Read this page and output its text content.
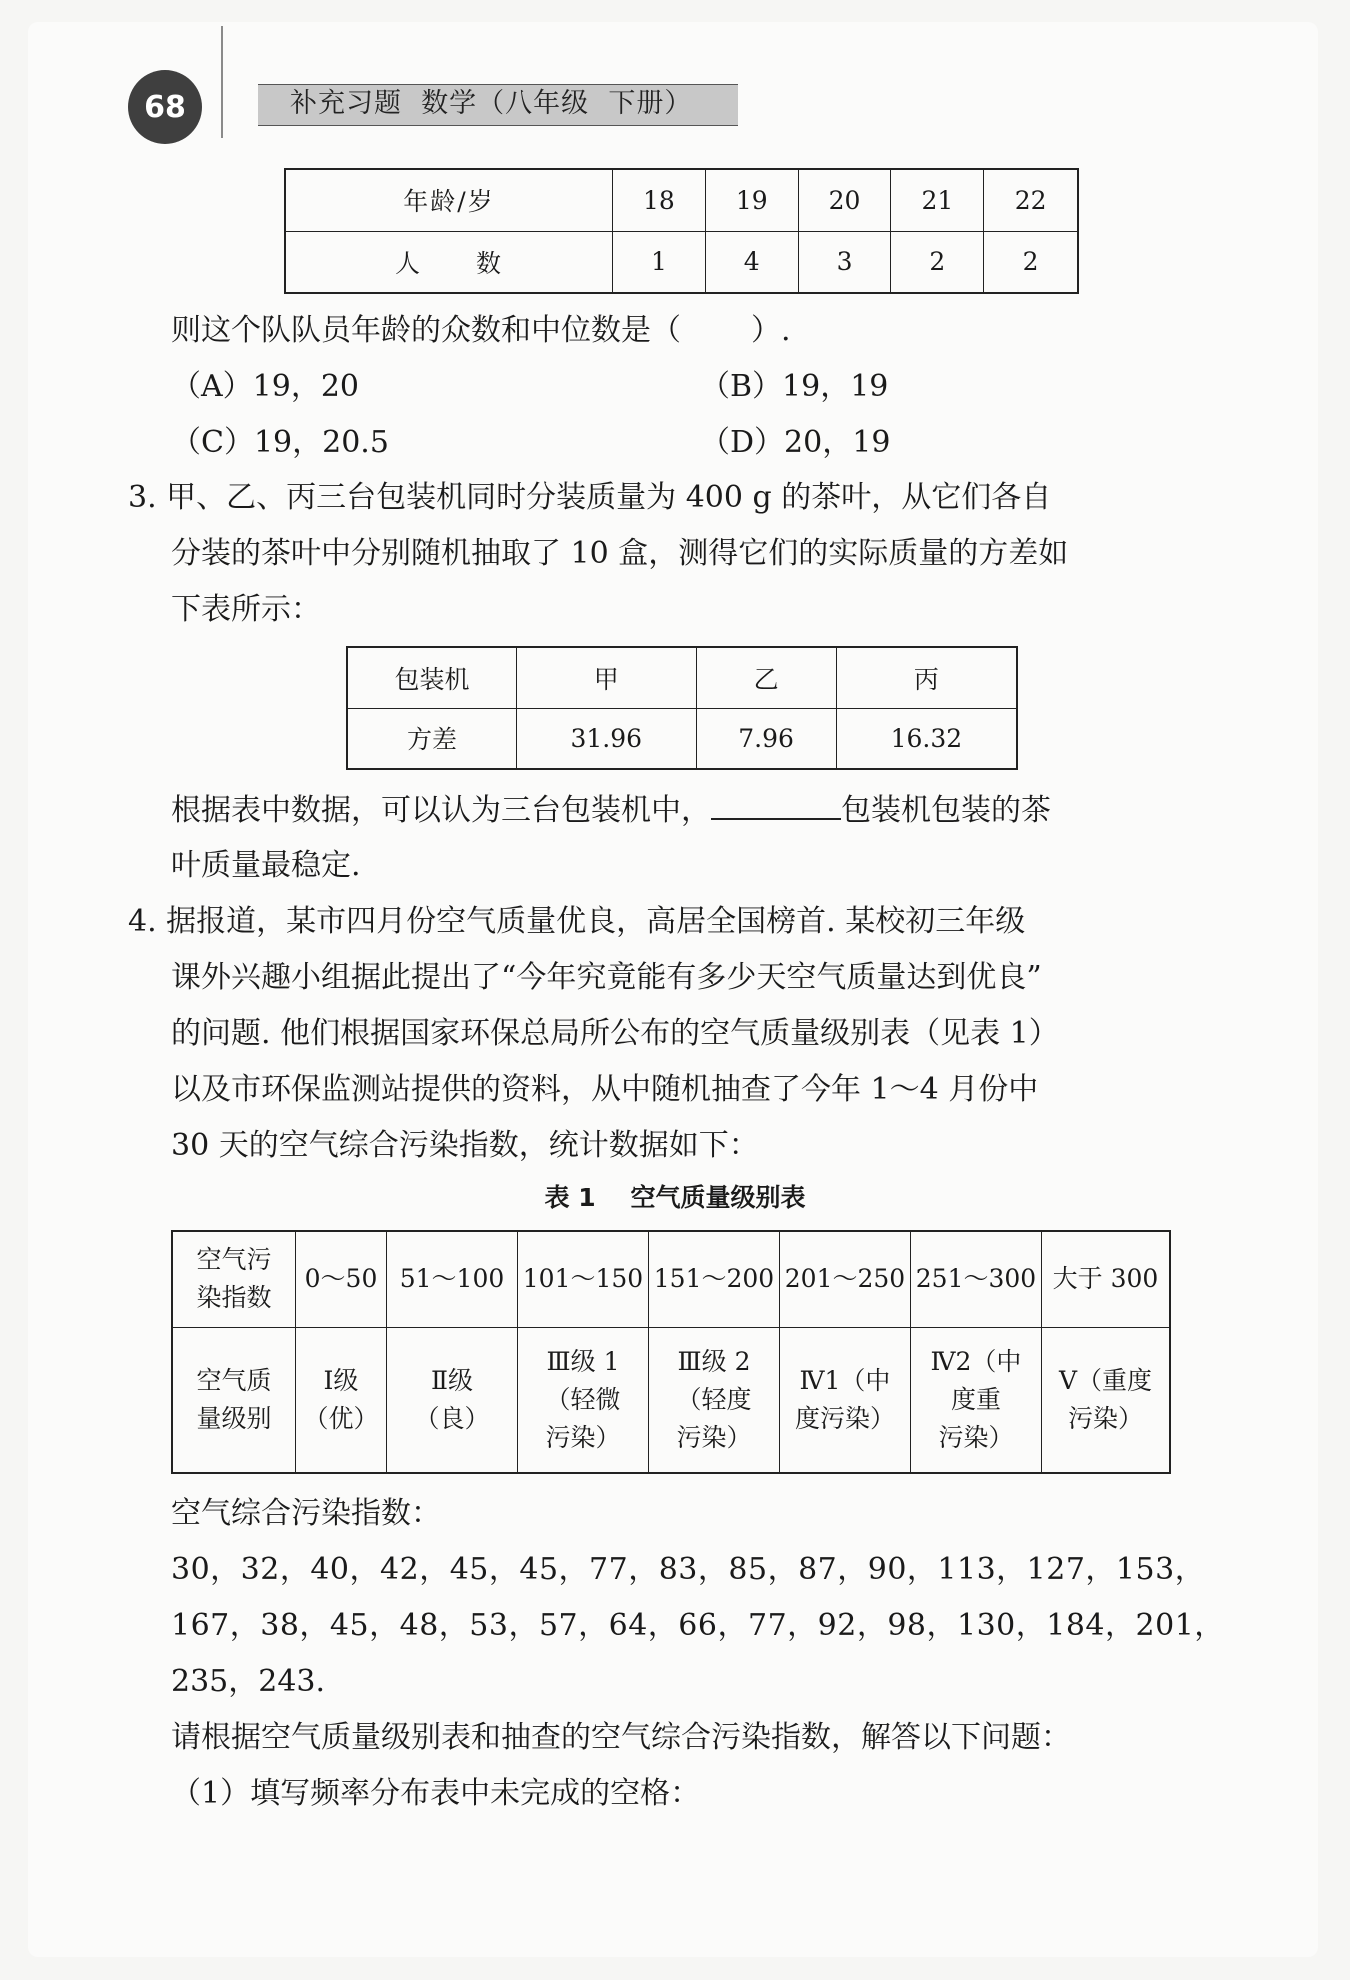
68	补充习题  数学（八年级  下册）
年龄/岁	18	19	20	21	22
人　　数	1	4	3	2	2
则这个队队员年龄的众数和中位数是（ ）.
（A）19，20	（B）19，19
（C）19，20.5	（D）20，19
3. 甲、乙、丙三台包装机同时分装质量为 400 g 的茶叶，从它们各自
分装的茶叶中分别随机抽取了 10 盒，测得它们的实际质量的方差如
下表所示：
包装机	甲	乙	丙
方差	31.96	7.96	16.32
根据表中数据，可以认为三台包装机中，	包装机包装的茶
叶质量最稳定.
4. 据报道，某市四月份空气质量优良，高居全国榜首. 某校初三年级
课外兴趣小组据此提出了“今年究竟能有多少天空气质量达到优良”
的问题. 他们根据国家环保总局所公布的空气质量级别表（见表 1）
以及市环保监测站提供的资料，从中随机抽查了今年 1～4 月份中
30 天的空气综合污染指数，统计数据如下：
表 1    空气质量级别表
空气污
染指数	0～50	51～100	101～150	151～200	201～250	251～300	大于 300
空气质
量级别	Ⅰ级
（优）	Ⅱ级
（良）	Ⅲ级 1
（轻微
污染）	Ⅲ级 2
（轻度
污染）	Ⅳ1（中
度污染）	Ⅳ2（中
度重
污染）	Ⅴ（重度
污染）
空气综合污染指数：
30，32，40，42，45，45，77，83，85，87，90，113，127，153，
167，38，45，48，53，57，64，66，77，92，98，130，184，201，
235，243.
请根据空气质量级别表和抽查的空气综合污染指数，解答以下问题：
（1）填写频率分布表中未完成的空格：
